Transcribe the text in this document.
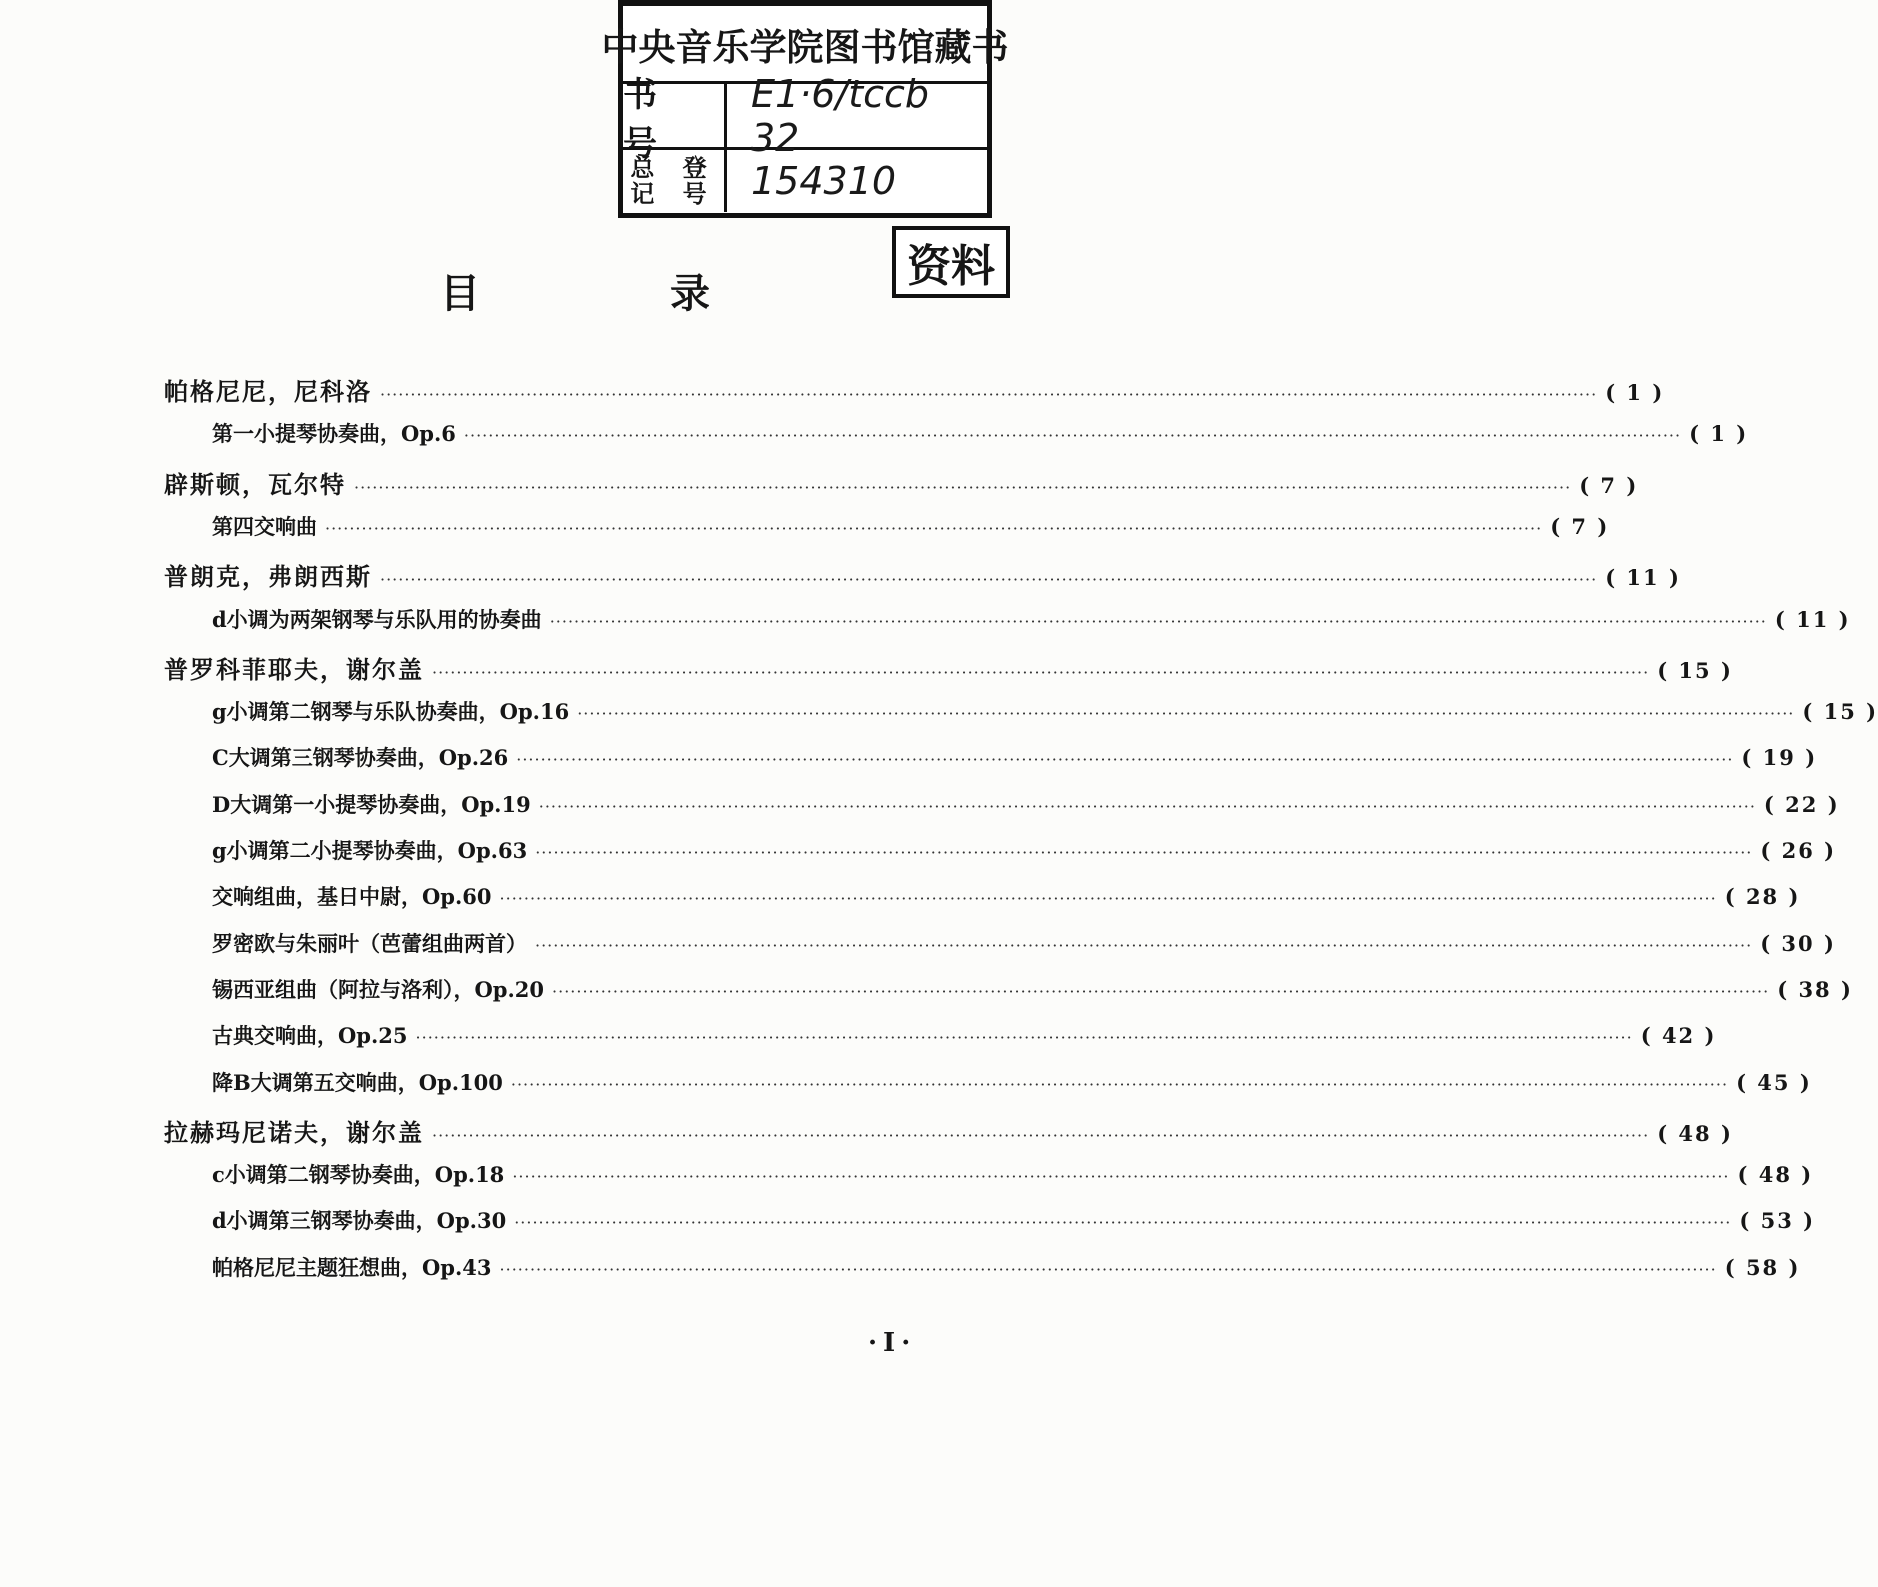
中央音乐学院图书馆藏书
书 号
E1·6/tccb 32
总 登
记 号 154310
资料
目	录
帕格尼尼，尼科洛 ········································································································································································································ ( 1 )
第一小提琴协奏曲，Op.6 ········································································································································································································ ( 1 )
辟斯顿，瓦尔特 ········································································································································································································ ( 7 )
第四交响曲 ········································································································································································································ ( 7 )
普朗克，弗朗西斯 ········································································································································································································ ( 11 )
d小调为两架钢琴与乐队用的协奏曲 ········································································································································································································ ( 11 )
普罗科菲耶夫，谢尔盖 ········································································································································································································ ( 15 )
g小调第二钢琴与乐队协奏曲，Op.16 ········································································································································································································ ( 15 )
C大调第三钢琴协奏曲，Op.26 ········································································································································································································ ( 19 )
D大调第一小提琴协奏曲，Op.19 ········································································································································································································ ( 22 )
g小调第二小提琴协奏曲，Op.63 ········································································································································································································ ( 26 )
交响组曲，基日中尉，Op.60 ········································································································································································································ ( 28 )
罗密欧与朱丽叶（芭蕾组曲两首） ········································································································································································································ ( 30 )
锡西亚组曲（阿拉与洛利），Op.20 ········································································································································································································ ( 38 )
古典交响曲，Op.25 ········································································································································································································ ( 42 )
降B大调第五交响曲，Op.100 ········································································································································································································ ( 45 )
拉赫玛尼诺夫，谢尔盖 ········································································································································································································ ( 48 )
c小调第二钢琴协奏曲，Op.18 ········································································································································································································ ( 48 )
d小调第三钢琴协奏曲，Op.30 ········································································································································································································ ( 53 )
帕格尼尼主题狂想曲，Op.43 ········································································································································································································ ( 58 )
·I·
